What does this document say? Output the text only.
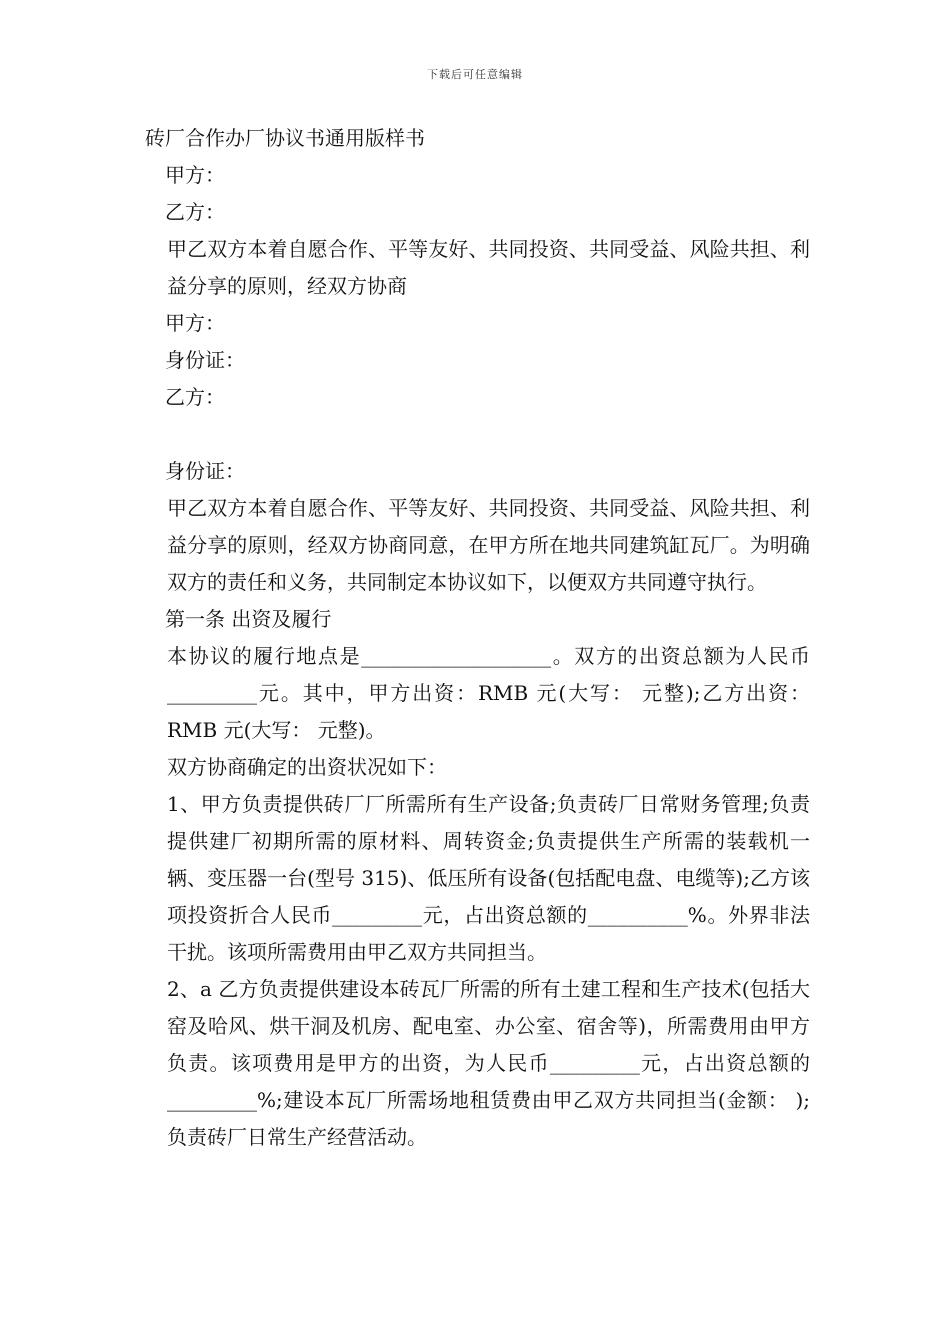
下载后可任意编辑

砖厂合作办厂协议书通用版样书

甲方：

乙方：

甲乙双方本着自愿合作、平等友好、共同投资、共同受益、风险共担、利益分享的原则，经双方协商

甲方：

身份证：

乙方：

身份证：

甲乙双方本着自愿合作、平等友好、共同投资、共同受益、风险共担、利益分享的原则，经双方协商同意，在甲方所在地共同建筑缸瓦厂。为明确双方的责任和义务，共同制定本协议如下，以便双方共同遵守执行。

第一条 出资及履行

本协议的履行地点是___________________。双方的出资总额为人民币_________元。其中，甲方出资：RMB 元(大写： 元整);乙方出资：RMB 元(大写： 元整)。

双方协商确定的出资状况如下：

1、甲方负责提供砖厂厂所需所有生产设备;负责砖厂日常财务管理;负责提供建厂初期所需的原材料、周转资金;负责提供生产所需的装载机一辆、变压器一台(型号 315)、低压所有设备(包括配电盘、电缆等);乙方该项投资折合人民币_________元，占出资总额的__________%。外界非法干扰。该项所需费用由甲乙双方共同担当。

2、a 乙方负责提供建设本砖瓦厂所需的所有土建工程和生产技术(包括大窑及哈风、烘干洞及机房、配电室、办公室、宿舍等)，所需费用由甲方负责。该项费用是甲方的出资，为人民币_________元，占出资总额的_________%;建设本瓦厂所需场地租赁费由甲乙双方共同担当(金额： );负责砖厂日常生产经营活动。
